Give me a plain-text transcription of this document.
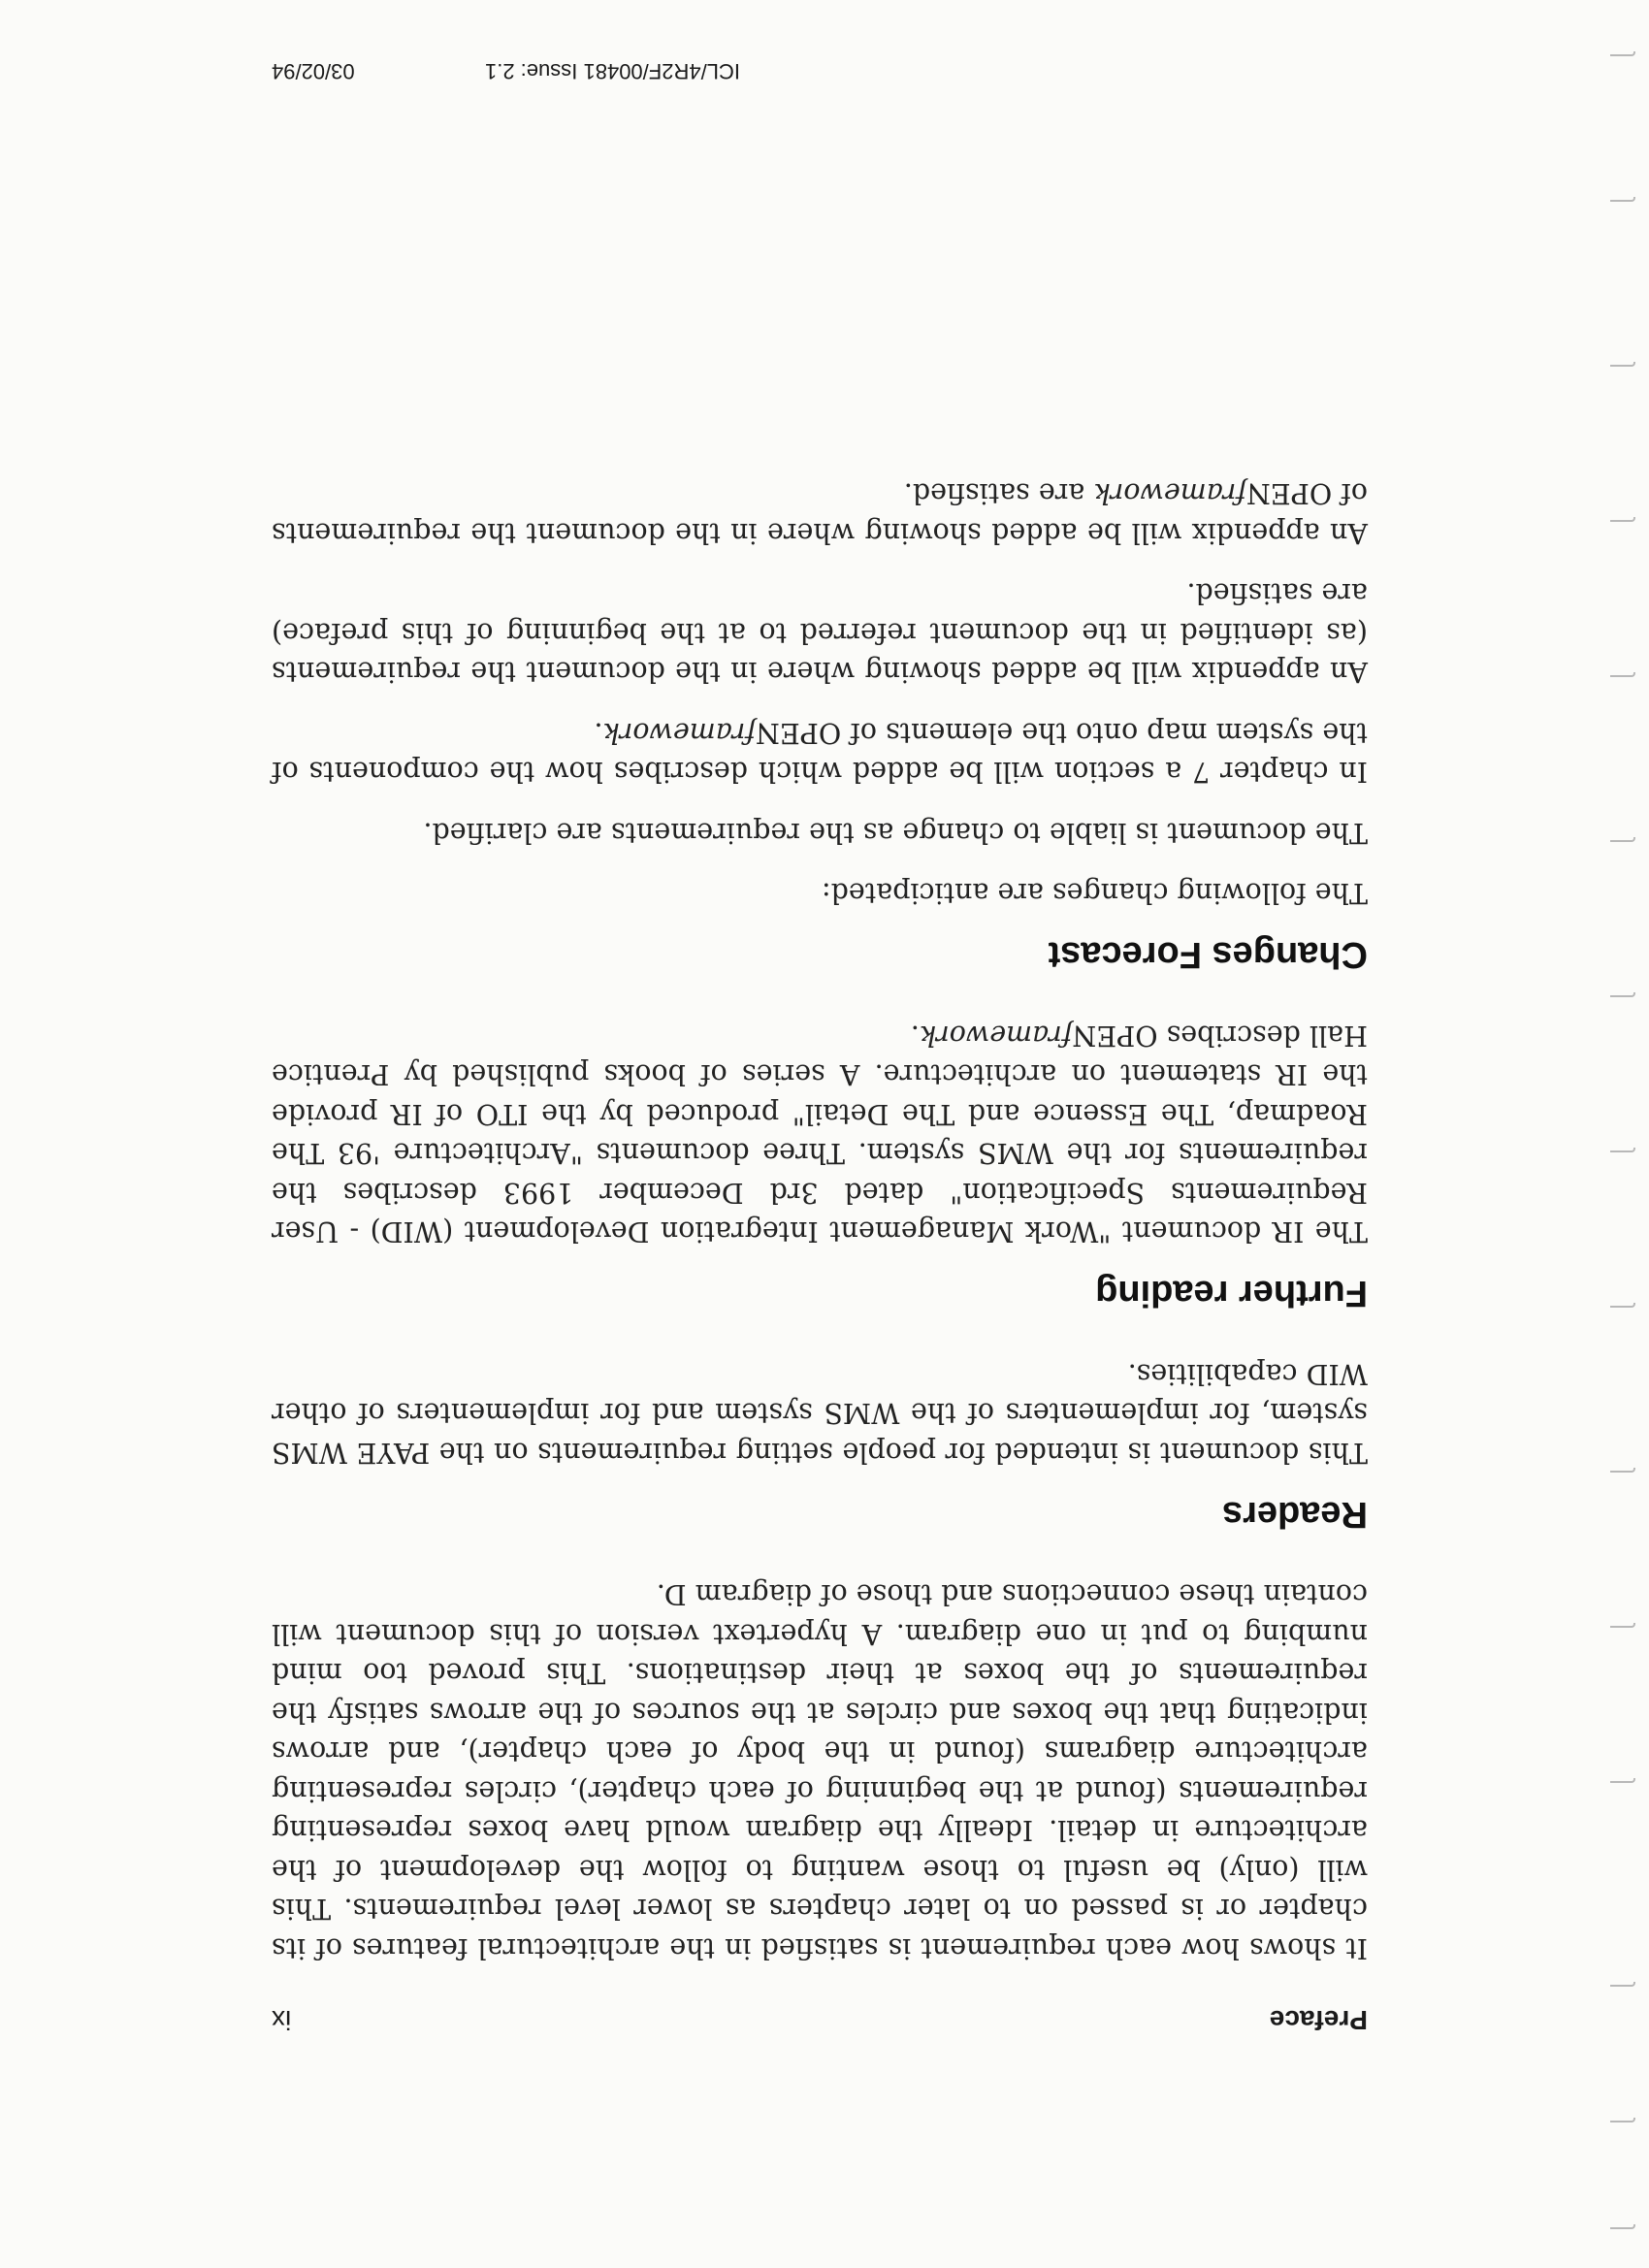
Preface
ix

It shows how each requirement is satisfied in the architectural features of its chapter or is passed on to later chapters as lower level requirements. This will (only) be useful to those wanting to follow the development of the architecture in detail. Ideally the diagram would have boxes representing requirements (found at the beginning of each chapter), circles representing architecture diagrams (found in the body of each chapter), and arrows indicating that the boxes and circles at the sources of the arrows satisfy the requirements of the boxes at their destinations. This proved too mind numbing to put in one diagram. A hypertext version of this document will contain these connections and those of diagram D.

Readers

This document is intended for people setting requirements on the PAYE WMS system, for implementers of the WMS system and for implementers of other WID capabilities.

Further reading

The IR document "Work Management Integration Development (WID) - User Requirements Specification" dated 3rd December 1993 describes the requirements for the WMS system. Three documents "Architecture '93 The Roadmap, The Essence and The Detail" produced by the ITO of IR provide the IR statement on architecture. A series of books published by Prentice Hall describes OPENframework.

Changes Forecast

The following changes are anticipated:

The document is liable to change as the requirements are clarified.

In chapter 7 a section will be added which describes how the components of the system map onto the elements of OPENframework.

An appendix will be added showing where in the document the requirements (as identified in the document referred to at the beginning of this preface) are satisfied.

An appendix will be added showing where in the document the requirements of OPENframework are satisfied.

ICL/4R2F/00481 Issue: 2.1
03/02/94
